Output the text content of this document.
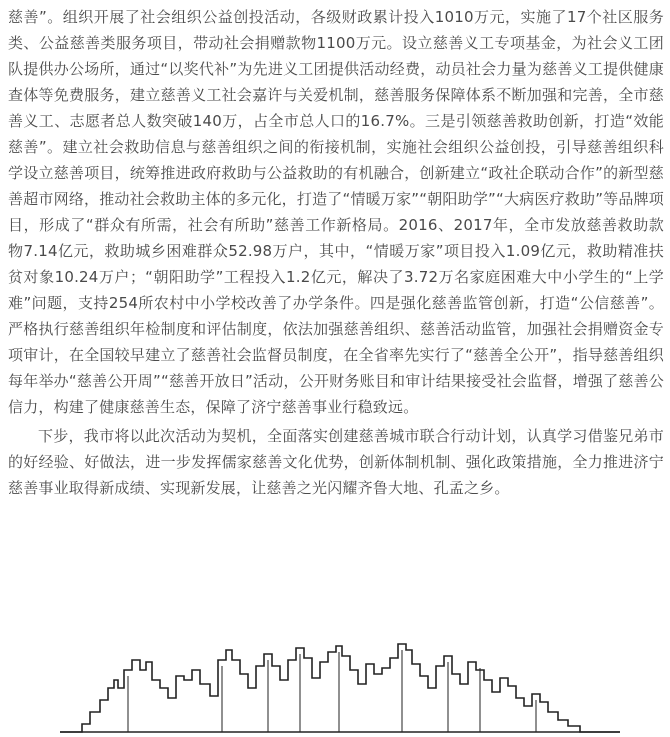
慈善”。组织开展了社会组织公益创投活动，各级财政累计投入1010万元，实施了17个社区服务类、公益慈善类服务项目，带动社会捐赠款物1100万元。设立慈善义工专项基金，为社会义工团队提供办公场所，通过“以奖代补”为先进义工团提供活动经费，动员社会力量为慈善义工提供健康查体等免费服务，建立慈善义工社会嘉许与关爱机制，慈善服务保障体系不断加强和完善，全市慈善义工、志愿者总人数突破140万，占全市总人口的16.7%。三是引领慈善救助创新，打造“效能慈善”。建立社会救助信息与慈善组织之间的衔接机制，实施社会组织公益创投，引导慈善组织科学设立慈善项目，统筹推进政府救助与公益救助的有机融合，创新建立“政社企联动合作”的新型慈善超市网络，推动社会救助主体的多元化，打造了“情暖万家”“朝阳助学”“大病医疗救助”等品牌项目，形成了“群众有所需，社会有所助”慈善工作新格局。2016、2017年，全市发放慈善救助款物7.14亿元，救助城乡困难群众52.98万户，其中，“情暖万家”项目投入1.09亿元，救助精准扶贫对象10.24万户；“朝阳助学”工程投入1.2亿元，解决了3.72万名家庭困难大中小学生的“上学难”问题，支持254所农村中小学校改善了办学条件。四是强化慈善监管创新，打造“公信慈善”。严格执行慈善组织年检制度和评估制度，依法加强慈善组织、慈善活动监管，加强社会捐赠资金专项审计，在全国较早建立了慈善社会监督员制度，在全省率先实行了“慈善全公开”，指导慈善组织每年举办“慈善公开周”“慈善开放日”活动，公开财务账目和审计结果接受社会监督，增强了慈善公信力，构建了健康慈善生态，保障了济宁慈善事业行稳致远。

下步，我市将以此次活动为契机，全面落实创建慈善城市联合行动计划，认真学习借鉴兄弟市的好经验、好做法，进一步发挥儒家慈善文化优势，创新体制机制、强化政策措施，全力推进济宁慈善事业取得新成绩、实现新发展，让慈善之光闪耀齐鲁大地、孔孟之乡。
